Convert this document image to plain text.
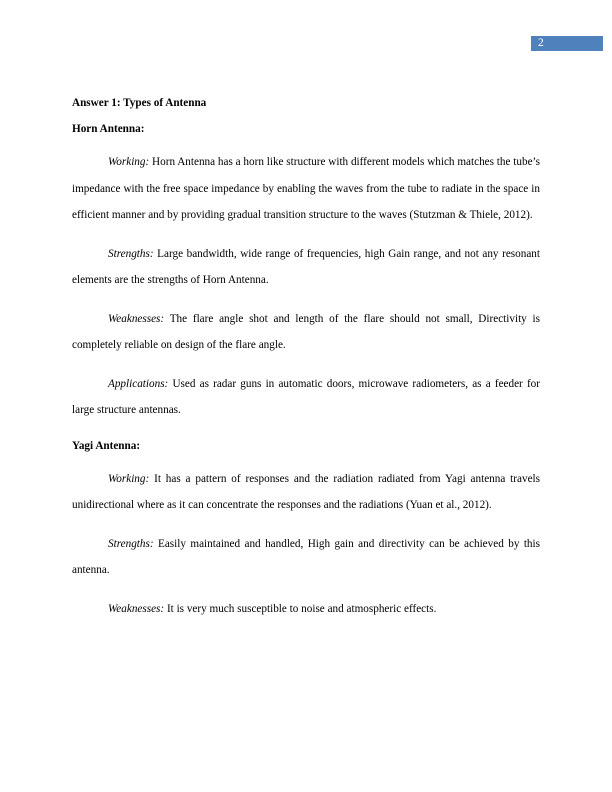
2

Answer 1: Types of Antenna

Horn Antenna:

Working: Horn Antenna has a horn like structure with different models which matches the tube’s impedance with the free space impedance by enabling the waves from the tube to radiate in the space in efficient manner and by providing gradual transition structure to the waves (Stutzman & Thiele, 2012).

Strengths: Large bandwidth, wide range of frequencies, high Gain range, and not any resonant elements are the strengths of Horn Antenna.

Weaknesses: The flare angle shot and length of the flare should not small, Directivity is completely reliable on design of the flare angle.

Applications: Used as radar guns in automatic doors, microwave radiometers, as a feeder for large structure antennas.

Yagi Antenna:

Working: It has a pattern of responses and the radiation radiated from Yagi antenna travels unidirectional where as it can concentrate the responses and the radiations (Yuan et al., 2012).

Strengths: Easily maintained and handled, High gain and directivity can be achieved by this antenna.

Weaknesses: It is very much susceptible to noise and atmospheric effects.
